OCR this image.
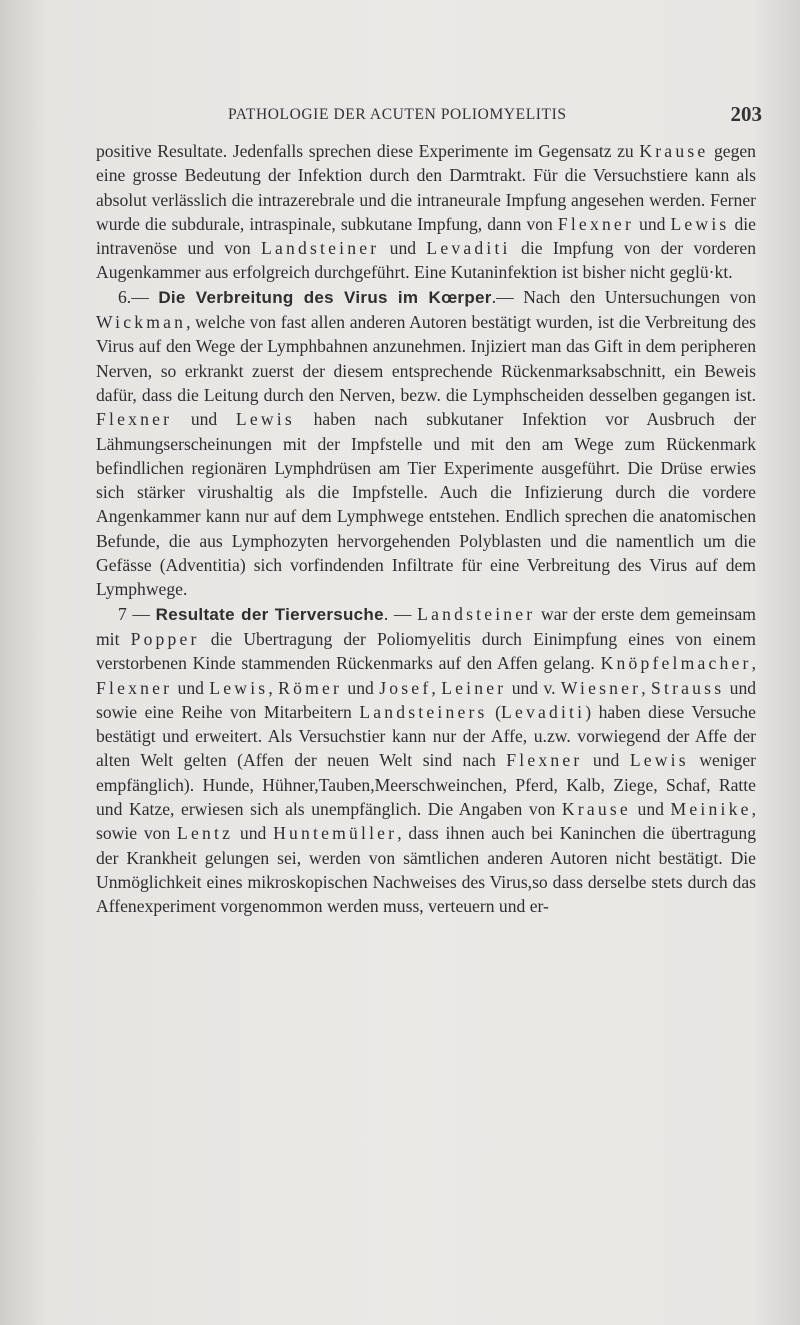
PATHOLOGIE DER ACUTEN POLIOMYELITIS	203

positive Resultate. Jedenfalls sprechen diese Experimente im Gegensatz zu Krause gegen eine grosse Bedeutung der Infektion durch den Darmtrakt. Für die Versuchstiere kann als absolut verlässlich die intrazerebrale und die intraneurale Impfung angesehen werden. Ferner wurde die subdurale, intraspinale, subkutane Impfung, dann von Flexner und Lewis die intravenöse und von Landsteiner und Levaditi die Impfung von der vorderen Augenkammer aus erfolgreich durchgeführt. Eine Kutaninfektion ist bisher nicht geglü·kt.

6.— Die Verbreitung des Virus im Kœrper.— Nach den Untersuchungen von Wickman, welche von fast allen anderen Autoren bestätigt wurden, ist die Verbreitung des Virus auf den Wege der Lymphbahnen anzunehmen. Injiziert man das Gift in dem peripheren Nerven, so erkrankt zuerst der diesem entsprechende Rückenmarksabschnitt, ein Beweis dafür, dass die Leitung durch den Nerven, bezw. die Lymphscheiden desselben gegangen ist. Flexner und Lewis haben nach subkutaner Infektion vor Ausbruch der Lähmungserscheinungen mit der Impfstelle und mit den am Wege zum Rückenmark befindlichen regionären Lymphdrüsen am Tier Experimente ausgeführt. Die Drüse erwies sich stärker virushaltig als die Impfstelle. Auch die Infizierung durch die vordere Angenkammer kann nur auf dem Lymphwege entstehen. Endlich sprechen die anatomischen Befunde, die aus Lymphozyten hervorgehenden Polyblasten und die namentlich um die Gefässe (Adventitia) sich vorfindenden Infiltrate für eine Verbreitung des Virus auf dem Lymphwege.

7 — Resultate der Tierversuche. — Landsteiner war der erste dem gemeinsam mit Popper die Ubertragung der Poliomyelitis durch Einimpfung eines von einem verstorbenen Kinde stammenden Rückenmarks auf den Affen gelang. Knöpfelmacher, Flexner und Lewis, Römer und Josef, Leiner und v. Wiesner, Strauss und sowie eine Reihe von Mitarbeitern Landsteiners (Levaditi) haben diese Versuche bestätigt und erweitert. Als Versuchstier kann nur der Affe, u.zw. vorwiegend der Affe der alten Welt gelten (Affen der neuen Welt sind nach Flexner und Lewis weniger empfänglich). Hunde, Hühner,Tauben,Meerschweinchen, Pferd, Kalb, Ziege, Schaf, Ratte und Katze, erwiesen sich als unempfänglich. Die Angaben von Krause und Meinike, sowie von Lentz und Huntemüller, dass ihnen auch bei Kaninchen die übertragung der Krankheit gelungen sei, werden von sämtlichen anderen Autoren nicht bestätigt. Die Unmöglichkeit eines mikroskopischen Nachweises des Virus,so dass derselbe stets durch das Affenexperiment vorgenommon werden muss, verteuern und er-
